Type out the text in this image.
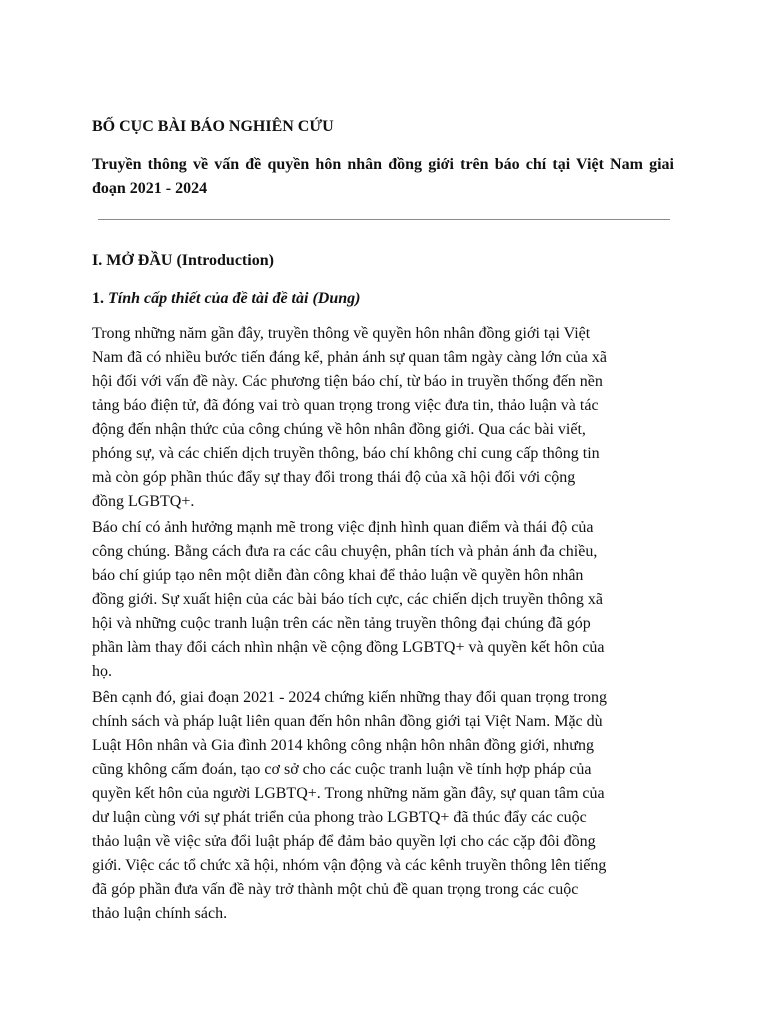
BỐ CỤC BÀI BÁO NGHIÊN CỨU
Truyền thông về vấn đề quyền hôn nhân đồng giới trên báo chí tại Việt Nam giai đoạn 2021 - 2024
I. MỞ ĐẦU (Introduction)
1. Tính cấp thiết của đề tài đề tài (Dung)
Trong những năm gần đây, truyền thông về quyền hôn nhân đồng giới tại Việt
Nam đã có nhiều bước tiến đáng kể, phản ánh sự quan tâm ngày càng lớn của xã
hội đối với vấn đề này. Các phương tiện báo chí, từ báo in truyền thống đến nền
tảng báo điện tử, đã đóng vai trò quan trọng trong việc đưa tin, thảo luận và tác
động đến nhận thức của công chúng về hôn nhân đồng giới. Qua các bài viết,
phóng sự, và các chiến dịch truyền thông, báo chí không chỉ cung cấp thông tin
mà còn góp phần thúc đẩy sự thay đổi trong thái độ của xã hội đối với cộng
đồng LGBTQ+.
Báo chí có ảnh hưởng mạnh mẽ trong việc định hình quan điểm và thái độ của
công chúng. Bằng cách đưa ra các câu chuyện, phân tích và phản ánh đa chiều,
báo chí giúp tạo nên một diễn đàn công khai để thảo luận về quyền hôn nhân
đồng giới. Sự xuất hiện của các bài báo tích cực, các chiến dịch truyền thông xã
hội và những cuộc tranh luận trên các nền tảng truyền thông đại chúng đã góp
phần làm thay đổi cách nhìn nhận về cộng đồng LGBTQ+ và quyền kết hôn của
họ.
Bên cạnh đó, giai đoạn 2021 - 2024 chứng kiến những thay đổi quan trọng trong
chính sách và pháp luật liên quan đến hôn nhân đồng giới tại Việt Nam. Mặc dù
Luật Hôn nhân và Gia đình 2014 không công nhận hôn nhân đồng giới, nhưng
cũng không cấm đoán, tạo cơ sở cho các cuộc tranh luận về tính hợp pháp của
quyền kết hôn của người LGBTQ+. Trong những năm gần đây, sự quan tâm của
dư luận cùng với sự phát triển của phong trào LGBTQ+ đã thúc đẩy các cuộc
thảo luận về việc sửa đổi luật pháp để đảm bảo quyền lợi cho các cặp đôi đồng
giới. Việc các tổ chức xã hội, nhóm vận động và các kênh truyền thông lên tiếng
đã góp phần đưa vấn đề này trở thành một chủ đề quan trọng trong các cuộc
thảo luận chính sách.
